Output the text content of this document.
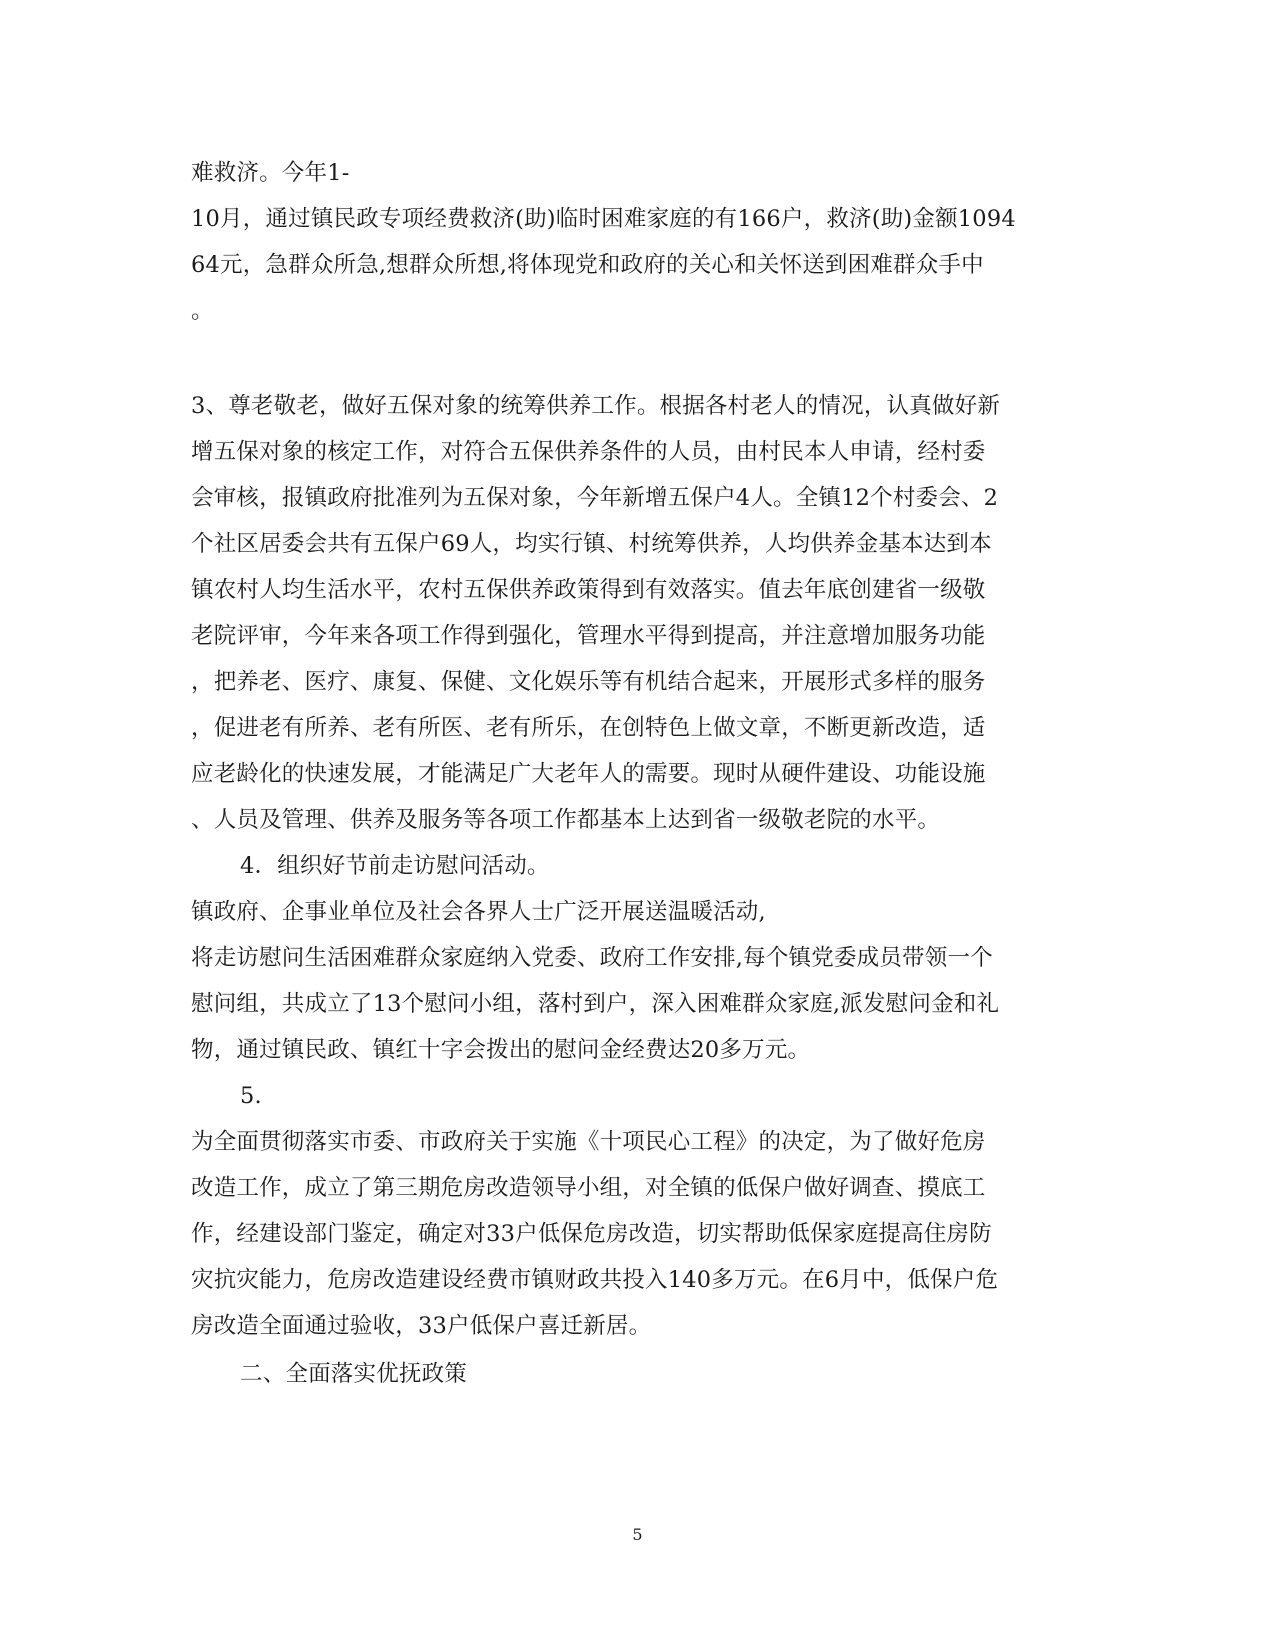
难救济。今年1-
10月，通过镇民政专项经费救济(助)临时困难家庭的有166户，救济(助)金额1094
64元，急群众所急,想群众所想,将体现党和政府的关心和关怀送到困难群众手中
。
3、尊老敬老，做好五保对象的统筹供养工作。根据各村老人的情况，认真做好新
增五保对象的核定工作，对符合五保供养条件的人员，由村民本人申请，经村委
会审核，报镇政府批准列为五保对象，今年新增五保户4人。全镇12个村委会、2
个社区居委会共有五保户69人，均实行镇、村统筹供养，人均供养金基本达到本
镇农村人均生活水平，农村五保供养政策得到有效落实。值去年底创建省一级敬
老院评审，今年来各项工作得到强化，管理水平得到提高，并注意增加服务功能
，把养老、医疗、康复、保健、文化娱乐等有机结合起来，开展形式多样的服务
，促进老有所养、老有所医、老有所乐，在创特色上做文章，不断更新改造，适
应老龄化的快速发展，才能满足广大老年人的需要。现时从硬件建设、功能设施
、人员及管理、供养及服务等各项工作都基本上达到省一级敬老院的水平。
4．组织好节前走访慰问活动。
镇政府、企事业单位及社会各界人士广泛开展送温暖活动,
将走访慰问生活困难群众家庭纳入党委、政府工作安排,每个镇党委成员带领一个
慰问组，共成立了13个慰问小组，落村到户，深入困难群众家庭,派发慰问金和礼
物，通过镇民政、镇红十字会拨出的慰问金经费达20多万元。
5.
为全面贯彻落实市委、市政府关于实施《十项民心工程》的决定，为了做好危房
改造工作，成立了第三期危房改造领导小组，对全镇的低保户做好调查、摸底工
作，经建设部门鉴定，确定对33户低保危房改造，切实帮助低保家庭提高住房防
灾抗灾能力，危房改造建设经费市镇财政共投入140多万元。在6月中，低保户危
房改造全面通过验收，33户低保户喜迁新居。
二、全面落实优抚政策
5
